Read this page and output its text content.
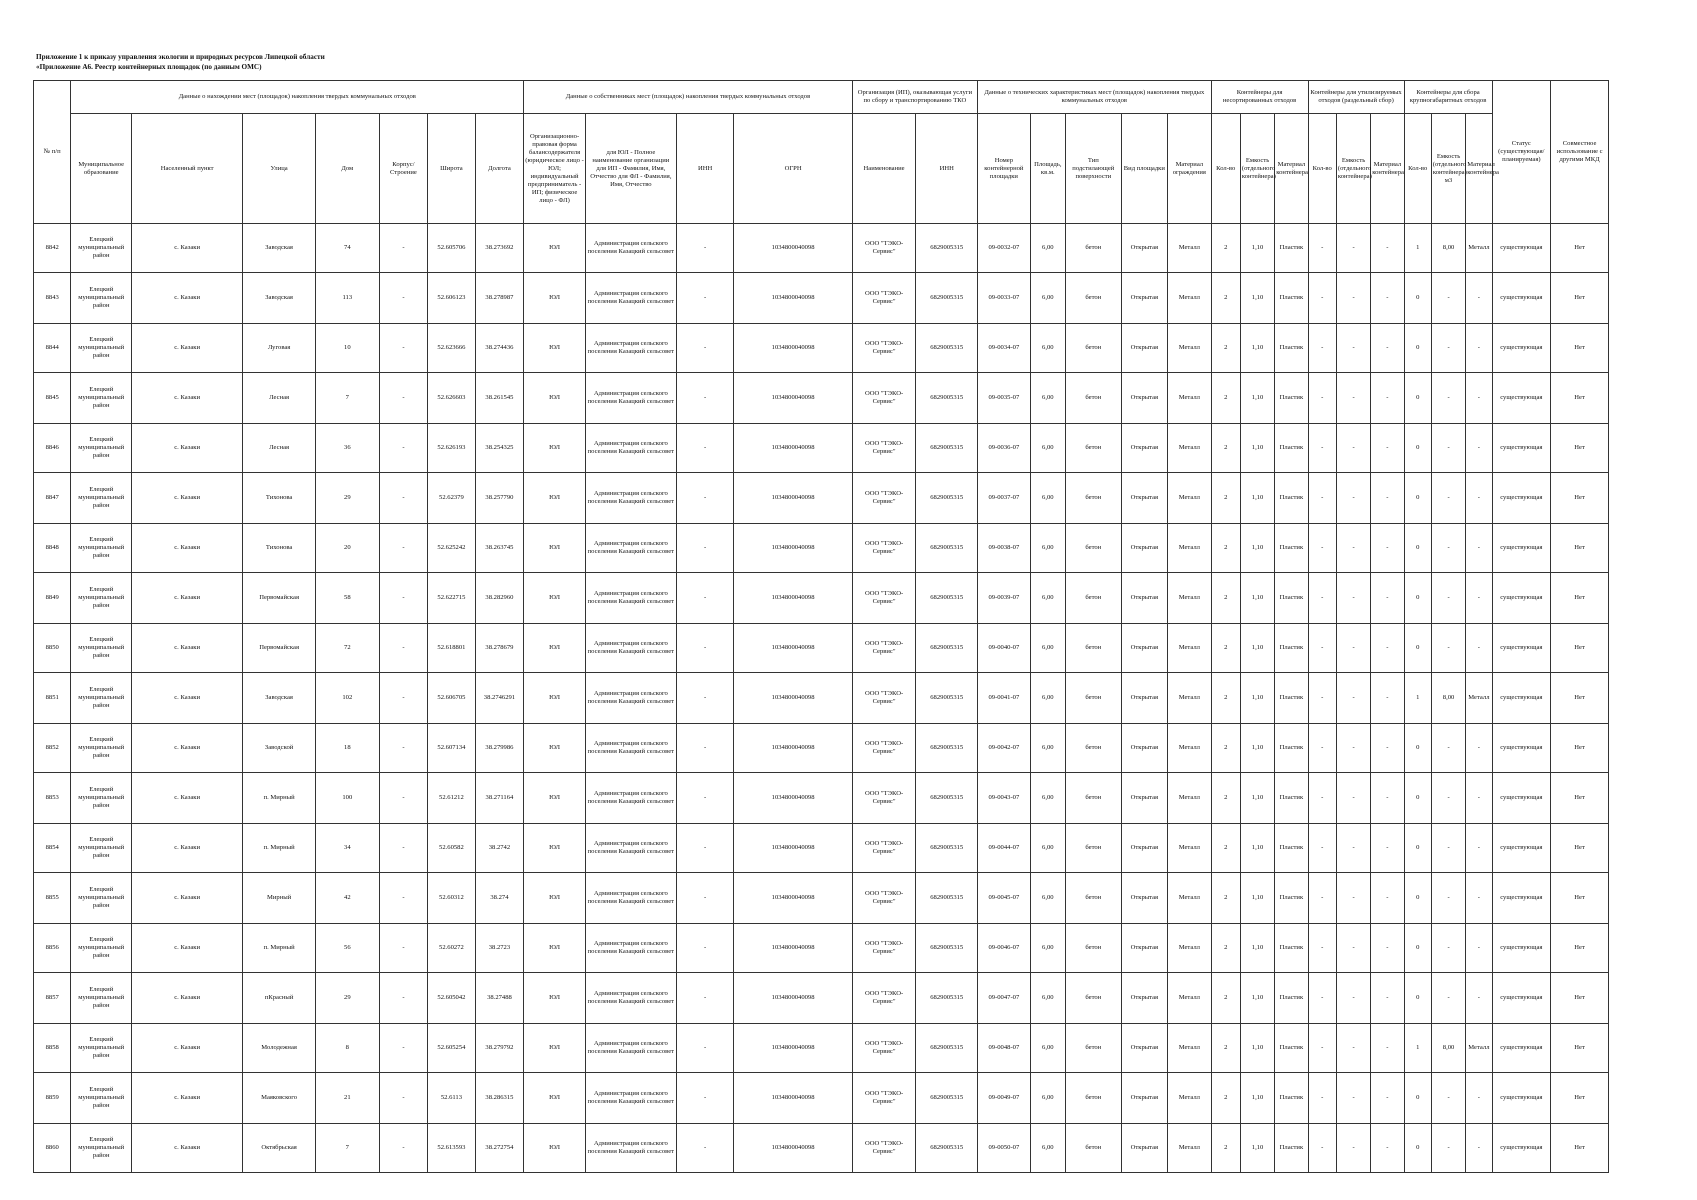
Приложение 1 к приказу управления экологии и природных ресурсов Липецкой области
«Приложение А6. Реестр контейнерных площадок (по данным ОМС)
№ п/п	Данные о нахождении мест (площадок) накопления твердых коммунальных отходов							Данные о собственниках мест (площадок) накопления твердых коммунальных отходов				Организация (ИП), оказывающая услуги по сбору и транспортированию ТКО		Данные о технических характеристиках мест (площадок) накопления твердых коммунальных отходов					Контейнеры для несортированных отходов			Контейнеры для утилизируемых отходов (раздельный сбор)			Контейнеры для сбора крупногабаритных отходов			Статус (существующая/планируемая)	Совместное использование с другими МКД
	Муниципальное образование	Населенный пункт	Улица	Дом	Корпус/Строение	Широта	Долгота	Организационно-правовая форма балансодержателя (юридическое лицо - ЮЛ; индивидуальный предприниматель - ИП; физическое лицо - ФЛ)	для ЮЛ - Полное наименование организации для ИП - Фамилия, Имя, Отчество для ФЛ - Фамилия, Имя, Отчество	ИНН	ОГРН	Наименование	ИНН	Номер контейнерной площадки	Площадь, кв.м.	Тип подстилающей поверхности	Вид площадки	Материал ограждения	Кол-во	Емкость (отдельного контейнера)	Материал контейнера	Кол-во	Емкость (отдельного контейнера)	Материал контейнера	Кол-во	Емкость (отдельного контейнера) м3	Материал контейнера		
8842	Елецкий муниципальный район	с. Казаки	Заводская	74	-	52.605706	38.273692	ЮЛ	Администрация сельского поселения Казацкий сельсовет	-	1034800040098	ООО "ТЭКО-Сервис"	6829005315	09-0032-07	6,00	бетон	Открытая	Металл	2	1,10	Пластик	-	-	-	1	8,00	Металл	существующая	Нет
8843	Елецкий муниципальный район	с. Казаки	Заводская	113	-	52.606123	38.278987	ЮЛ	Администрация сельского поселения Казацкий сельсовет	-	1034800040098	ООО "ТЭКО-Сервис"	6829005315	09-0033-07	6,00	бетон	Открытая	Металл	2	1,10	Пластик	-	-	-	0	-	-	существующая	Нет
8844	Елецкий муниципальный район	с. Казаки	Луговая	10	-	52.623666	38.274436	ЮЛ	Администрация сельского поселения Казацкий сельсовет	-	1034800040098	ООО "ТЭКО-Сервис"	6829005315	09-0034-07	6,00	бетон	Открытая	Металл	2	1,10	Пластик	-	-	-	0	-	-	существующая	Нет
8845	Елецкий муниципальный район	с. Казаки	Лесная	7	-	52.626603	38.261545	ЮЛ	Администрация сельского поселения Казацкий сельсовет	-	1034800040098	ООО "ТЭКО-Сервис"	6829005315	09-0035-07	6,00	бетон	Открытая	Металл	2	1,10	Пластик	-	-	-	0	-	-	существующая	Нет
8846	Елецкий муниципальный район	с. Казаки	Лесная	36	-	52.626193	38.254325	ЮЛ	Администрация сельского поселения Казацкий сельсовет	-	1034800040098	ООО "ТЭКО-Сервис"	6829005315	09-0036-07	6,00	бетон	Открытая	Металл	2	1,10	Пластик	-	-	-	0	-	-	существующая	Нет
8847	Елецкий муниципальный район	с. Казаки	Тихонова	29	-	52.62379	38.257790	ЮЛ	Администрация сельского поселения Казацкий сельсовет	-	1034800040098	ООО "ТЭКО-Сервис"	6829005315	09-0037-07	6,00	бетон	Открытая	Металл	2	1,10	Пластик	-	-	-	0	-	-	существующая	Нет
8848	Елецкий муниципальный район	с. Казаки	Тихонова	20	-	52.625242	38.263745	ЮЛ	Администрация сельского поселения Казацкий сельсовет	-	1034800040098	ООО "ТЭКО-Сервис"	6829005315	09-0038-07	6,00	бетон	Открытая	Металл	2	1,10	Пластик	-	-	-	0	-	-	существующая	Нет
8849	Елецкий муниципальный район	с. Казаки	Первомайская	58	-	52.622715	38.282960	ЮЛ	Администрация сельского поселения Казацкий сельсовет	-	1034800040098	ООО "ТЭКО-Сервис"	6829005315	09-0039-07	6,00	бетон	Открытая	Металл	2	1,10	Пластик	-	-	-	0	-	-	существующая	Нет
8850	Елецкий муниципальный район	с. Казаки	Первомайская	72	-	52.618801	38.278679	ЮЛ	Администрация сельского поселения Казацкий сельсовет	-	1034800040098	ООО "ТЭКО-Сервис"	6829005315	09-0040-07	6,00	бетон	Открытая	Металл	2	1,10	Пластик	-	-	-	0	-	-	существующая	Нет
8851	Елецкий муниципальный район	с. Казаки	Заводская	102	-	52.606705	38.2746291	ЮЛ	Администрация сельского поселения Казацкий сельсовет	-	1034800040098	ООО "ТЭКО-Сервис"	6829005315	09-0041-07	6,00	бетон	Открытая	Металл	2	1,10	Пластик	-	-	-	1	8,00	Металл	существующая	Нет
8852	Елецкий муниципальный район	с. Казаки	Заводской	18	-	52.607134	38.279986	ЮЛ	Администрация сельского поселения Казацкий сельсовет	-	1034800040098	ООО "ТЭКО-Сервис"	6829005315	09-0042-07	6,00	бетон	Открытая	Металл	2	1,10	Пластик	-	-	-	0	-	-	существующая	Нет
8853	Елецкий муниципальный район	с. Казаки	п. Мирный	100	-	52.61212	38.271164	ЮЛ	Администрация сельского поселения Казацкий сельсовет	-	1034800040098	ООО "ТЭКО-Сервис"	6829005315	09-0043-07	6,00	бетон	Открытая	Металл	2	1,10	Пластик	-	-	-	0	-	-	существующая	Нет
8854	Елецкий муниципальный район	с. Казаки	п. Мирный	34	-	52.60582	38.2742	ЮЛ	Администрация сельского поселения Казацкий сельсовет	-	1034800040098	ООО "ТЭКО-Сервис"	6829005315	09-0044-07	6,00	бетон	Открытая	Металл	2	1,10	Пластик	-	-	-	0	-	-	существующая	Нет
8855	Елецкий муниципальный район	с. Казаки	Мирный	42	-	52.60312	38.274	ЮЛ	Администрация сельского поселения Казацкий сельсовет	-	1034800040098	ООО "ТЭКО-Сервис"	6829005315	09-0045-07	6,00	бетон	Открытая	Металл	2	1,10	Пластик	-	-	-	0	-	-	существующая	Нет
8856	Елецкий муниципальный район	с. Казаки	п. Мирный	56	-	52.60272	38.2723	ЮЛ	Администрация сельского поселения Казацкий сельсовет	-	1034800040098	ООО "ТЭКО-Сервис"	6829005315	09-0046-07	6,00	бетон	Открытая	Металл	2	1,10	Пластик	-	-	-	0	-	-	существующая	Нет
8857	Елецкий муниципальный район	с. Казаки	пКрасный	29	-	52.605042	38.27488	ЮЛ	Администрация сельского поселения Казацкий сельсовет	-	1034800040098	ООО "ТЭКО-Сервис"	6829005315	09-0047-07	6,00	бетон	Открытая	Металл	2	1,10	Пластик	-	-	-	0	-	-	существующая	Нет
8858	Елецкий муниципальный район	с. Казаки	Молодежная	8	-	52.605254	38.279792	ЮЛ	Администрация сельского поселения Казацкий сельсовет	-	1034800040098	ООО "ТЭКО-Сервис"	6829005315	09-0048-07	6,00	бетон	Открытая	Металл	2	1,10	Пластик	-	-	-	1	8,00	Металл	существующая	Нет
8859	Елецкий муниципальный район	с. Казаки	Маяковского	21	-	52.6113	38.286315	ЮЛ	Администрация сельского поселения Казацкий сельсовет	-	1034800040098	ООО "ТЭКО-Сервис"	6829005315	09-0049-07	6,00	бетон	Открытая	Металл	2	1,10	Пластик	-	-	-	0	-	-	существующая	Нет
8860	Елецкий муниципальный район	с. Казаки	Октябрьская	7	-	52.613593	38.272754	ЮЛ	Администрация сельского поселения Казацкий сельсовет	-	1034800040098	ООО "ТЭКО-Сервис"	6829005315	09-0050-07	6,00	бетон	Открытая	Металл	2	1,10	Пластик	-	-	-	0	-	-	существующая	Нет
